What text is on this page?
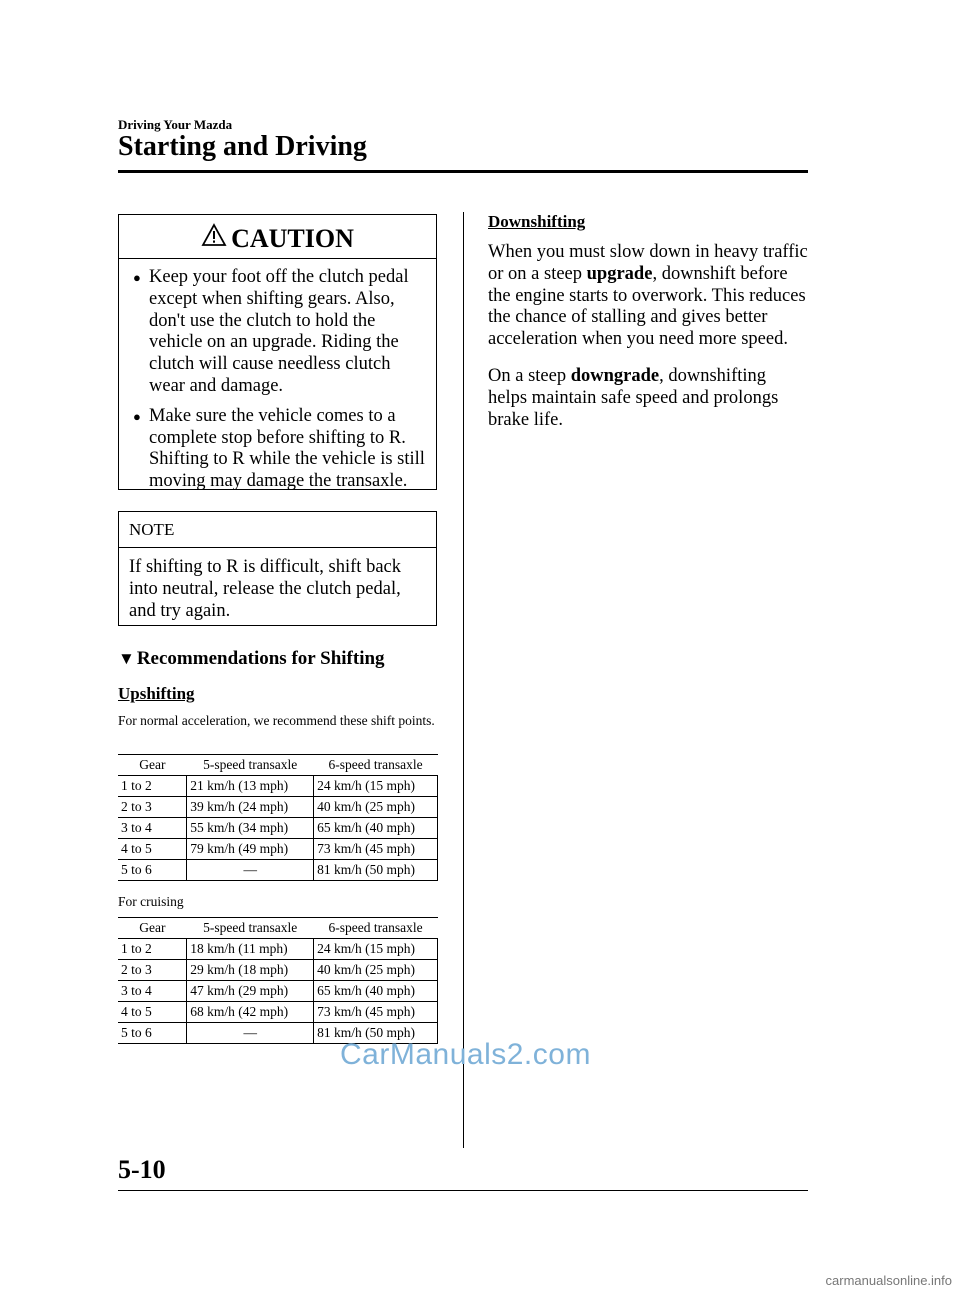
Driving Your Mazda
Starting and Driving
CAUTION
● Keep your foot off the clutch pedal except when shifting gears. Also, don't use the clutch to hold the vehicle on an upgrade. Riding the clutch will cause needless clutch wear and damage.
● Make sure the vehicle comes to a complete stop before shifting to R. Shifting to R while the vehicle is still moving may damage the transaxle.
NOTE
If shifting to R is difficult, shift back into neutral, release the clutch pedal, and try again.
▼ Recommendations for Shifting
Upshifting
For normal acceleration, we recommend these shift points.
Gear	5-speed transaxle	6-speed transaxle
1 to 2	21 km/h (13 mph)	24 km/h (15 mph)
2 to 3	39 km/h (24 mph)	40 km/h (25 mph)
3 to 4	55 km/h (34 mph)	65 km/h (40 mph)
4 to 5	79 km/h (49 mph)	73 km/h (45 mph)
5 to 6	―	81 km/h (50 mph)
For cruising
Gear	5-speed transaxle	6-speed transaxle
1 to 2	18 km/h (11 mph)	24 km/h (15 mph)
2 to 3	29 km/h (18 mph)	40 km/h (25 mph)
3 to 4	47 km/h (29 mph)	65 km/h (40 mph)
4 to 5	68 km/h (42 mph)	73 km/h (45 mph)
5 to 6	―	81 km/h (50 mph)
Downshifting
When you must slow down in heavy traffic or on a steep upgrade, downshift before the engine starts to overwork. This reduces the chance of stalling and gives better acceleration when you need more speed.
On a steep downgrade, downshifting helps maintain safe speed and prolongs brake life.
CarManuals2.com
5-10
carmanualsonline.info
